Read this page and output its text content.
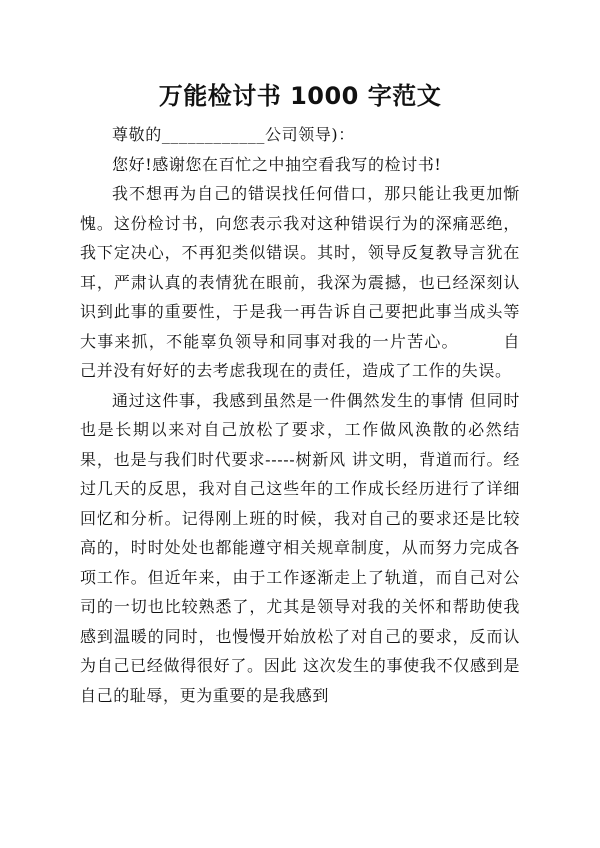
万能检讨书 1000 字范文

尊敬的____________公司领导)：

您好!感谢您在百忙之中抽空看我写的检讨书!

我不想再为自己的错误找任何借口，那只能让我更加惭愧。这份检讨书，向您表示我对这种错误行为的深痛恶绝，我下定决心，不再犯类似错误。其时，领导反复教导言犹在耳，严肃认真的表情犹在眼前，我深为震撼，也已经深刻认识到此事的重要性，于是我一再告诉自己要把此事当成头等大事来抓，不能辜负领导和同事对我的一片苦心。	自己并没有好好的去考虑我现在的责任，造成了工作的失误。

通过这件事，我感到虽然是一件偶然发生的事情 但同时也是长期以来对自己放松了要求，工作做风涣散的必然结果，也是与我们时代要求-----树新风 讲文明，背道而行。经过几天的反思，我对自己这些年的工作成长经历进行了详细回忆和分析。记得刚上班的时候，我对自己的要求还是比较高的，时时处处也都能遵守相关规章制度，从而努力完成各项工作。但近年来，由于工作逐渐走上了轨道，而自己对公司的一切也比较熟悉了，尤其是领导对我的关怀和帮助使我感到温暖的同时，也慢慢开始放松了对自己的要求，反而认为自己已经做得很好了。因此 这次发生的事使我不仅感到是自己的耻辱，更为重要的是我感到
